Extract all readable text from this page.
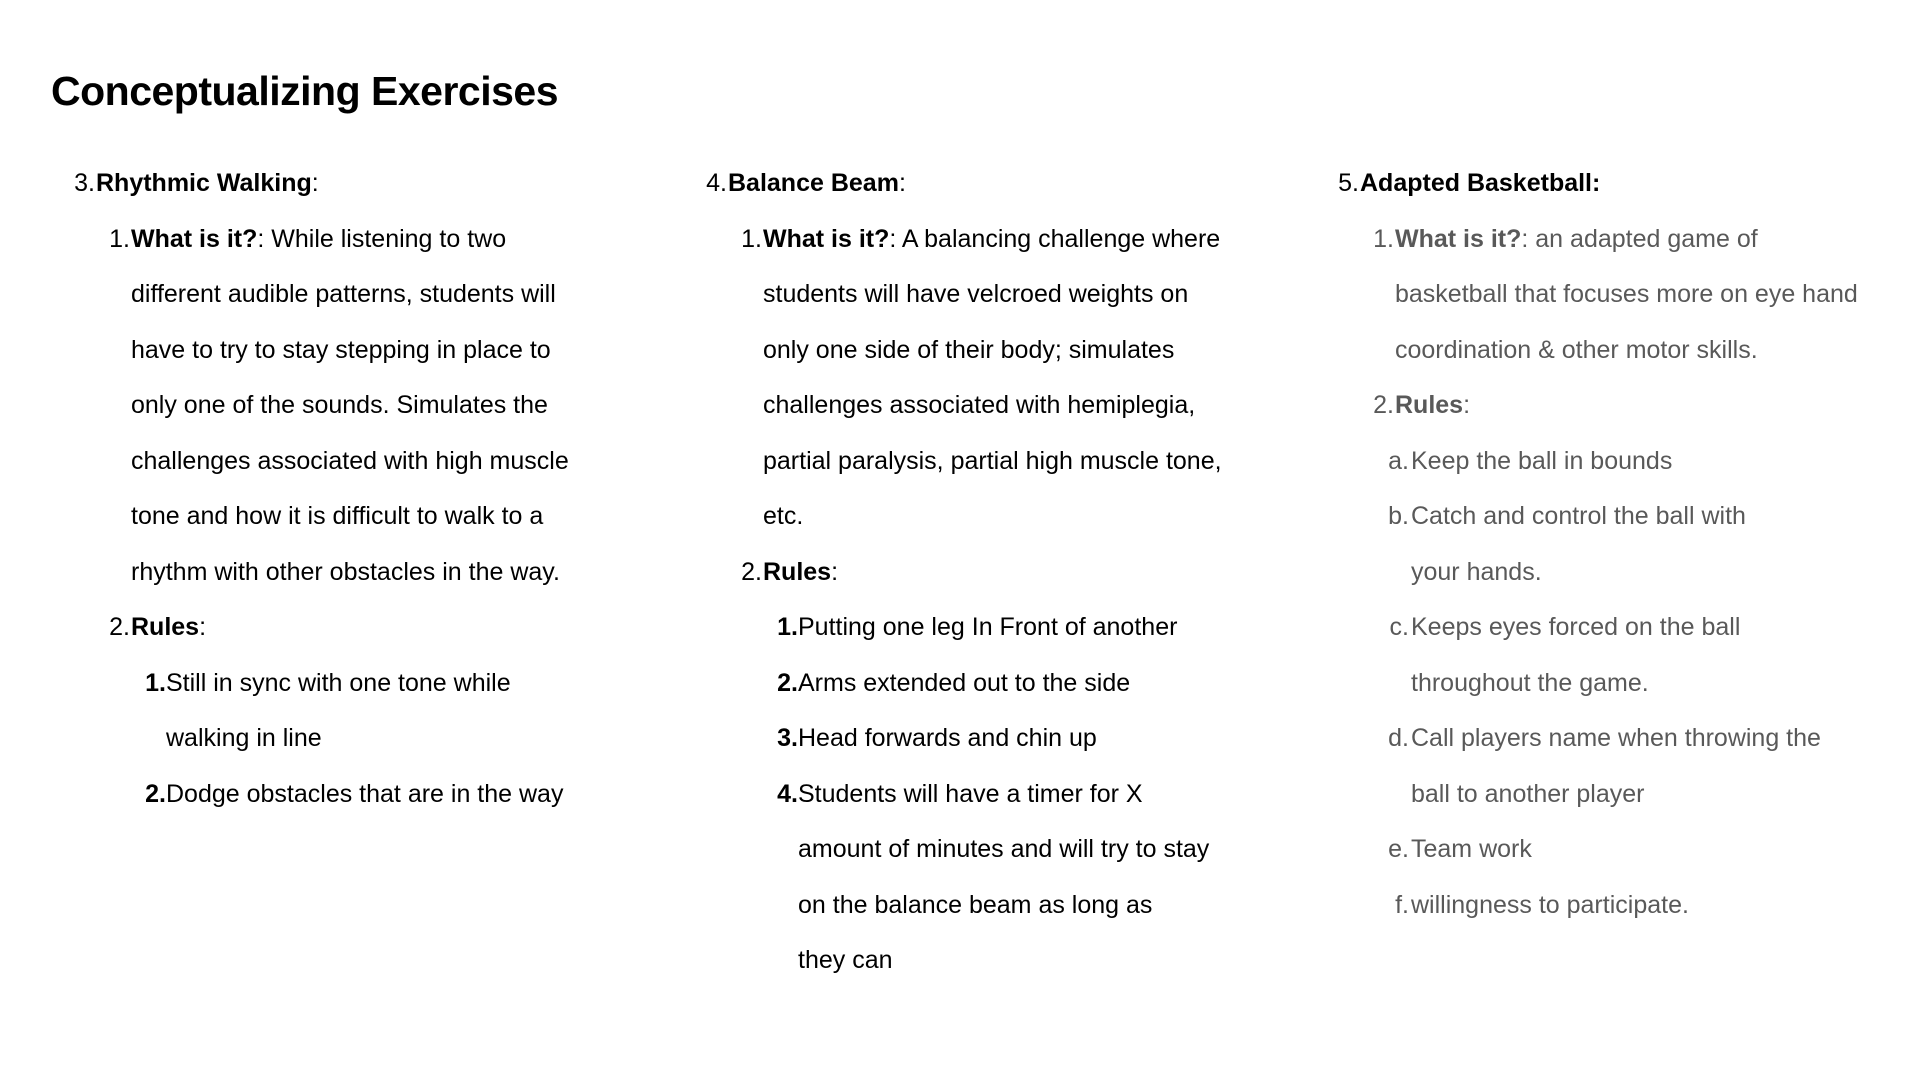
Conceptualizing Exercises
3. Rhythmic Walking:
1. What is it?: While listening to two
different audible patterns, students will
have to try to stay stepping in place to
only one of the sounds. Simulates the
challenges associated with high muscle
tone and how it is difficult to walk to a
rhythm with other obstacles in the way.
2. Rules:
1. Still in sync with one tone while
walking in line
2. Dodge obstacles that are in the way
4. Balance Beam:
1. What is it?: A balancing challenge where
students will have velcroed weights on
only one side of their body; simulates
challenges associated with hemiplegia,
partial paralysis, partial high muscle tone,
etc.
2. Rules:
1. Putting one leg In Front of another
2. Arms extended out to the side
3. Head forwards and chin up
4. Students will have a timer for X
amount of minutes and will try to stay
on the balance beam as long as
they can
5. Adapted Basketball:
1. What is it?: an adapted game of
basketball that focuses more on eye hand
coordination & other motor skills.
2. Rules:
a. Keep the ball in bounds
b. Catch and control the ball with
your hands.
c. Keeps eyes forced on the ball
throughout the game.
d. Call players name when throwing the
ball to another player
e. Team work
f. willingness to participate.
